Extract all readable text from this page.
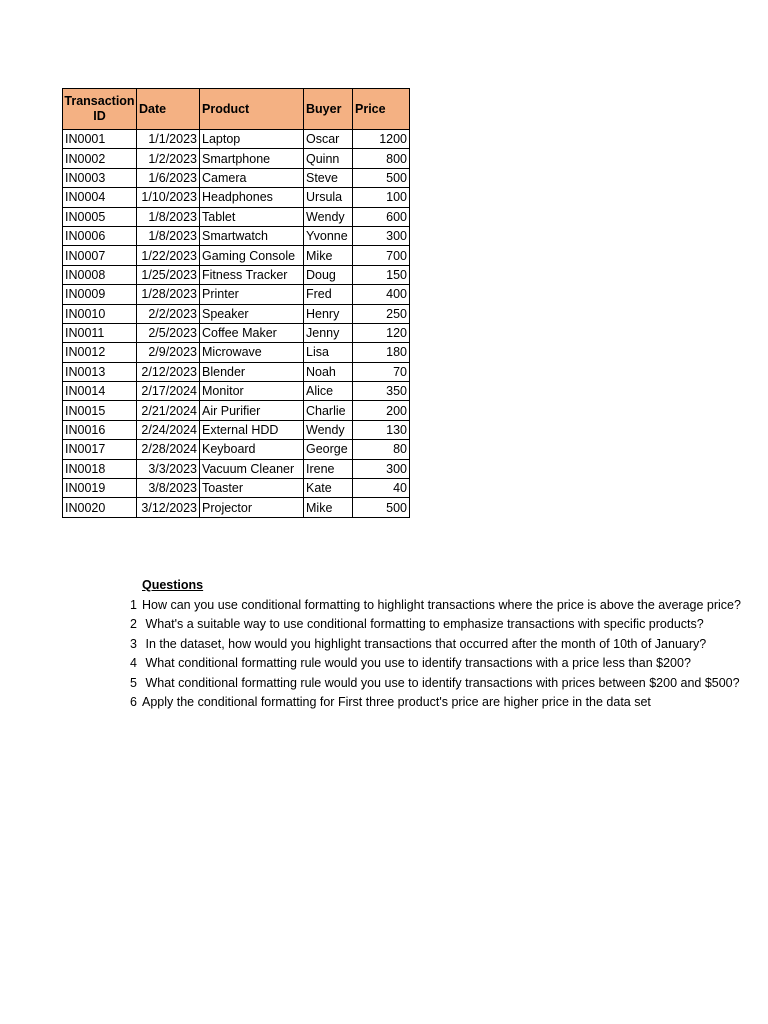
TransactionID	Date	Product	Buyer	Price
IN0001	1/1/2023	Laptop	Oscar	1200
IN0002	1/2/2023	Smartphone	Quinn	800
IN0003	1/6/2023	Camera	Steve	500
IN0004	1/10/2023	Headphones	Ursula	100
IN0005	1/8/2023	Tablet	Wendy	600
IN0006	1/8/2023	Smartwatch	Yvonne	300
IN0007	1/22/2023	Gaming Console	Mike	700
IN0008	1/25/2023	Fitness Tracker	Doug	150
IN0009	1/28/2023	Printer	Fred	400
IN0010	2/2/2023	Speaker	Henry	250
IN0011	2/5/2023	Coffee Maker	Jenny	120
IN0012	2/9/2023	Microwave	Lisa	180
IN0013	2/12/2023	Blender	Noah	70
IN0014	2/17/2024	Monitor	Alice	350
IN0015	2/21/2024	Air Purifier	Charlie	200
IN0016	2/24/2024	External HDD	Wendy	130
IN0017	2/28/2024	Keyboard	George	80
IN0018	3/3/2023	Vacuum Cleaner	Irene	300
IN0019	3/8/2023	Toaster	Kate	40
IN0020	3/12/2023	Projector	Mike	500
Questions
1 How can you use conditional formatting to highlight transactions where the price is above the average price?
2 What's a suitable way to use conditional formatting to emphasize transactions with specific products?
3 In the dataset, how would you highlight transactions that occurred after the month of 10th of January?
4 What conditional formatting rule would you use to identify transactions with a price less than $200?
5 What conditional formatting rule would you use to identify transactions with prices between $200 and $500?
6 Apply the conditional formatting for First three product's price are higher price in the data set
